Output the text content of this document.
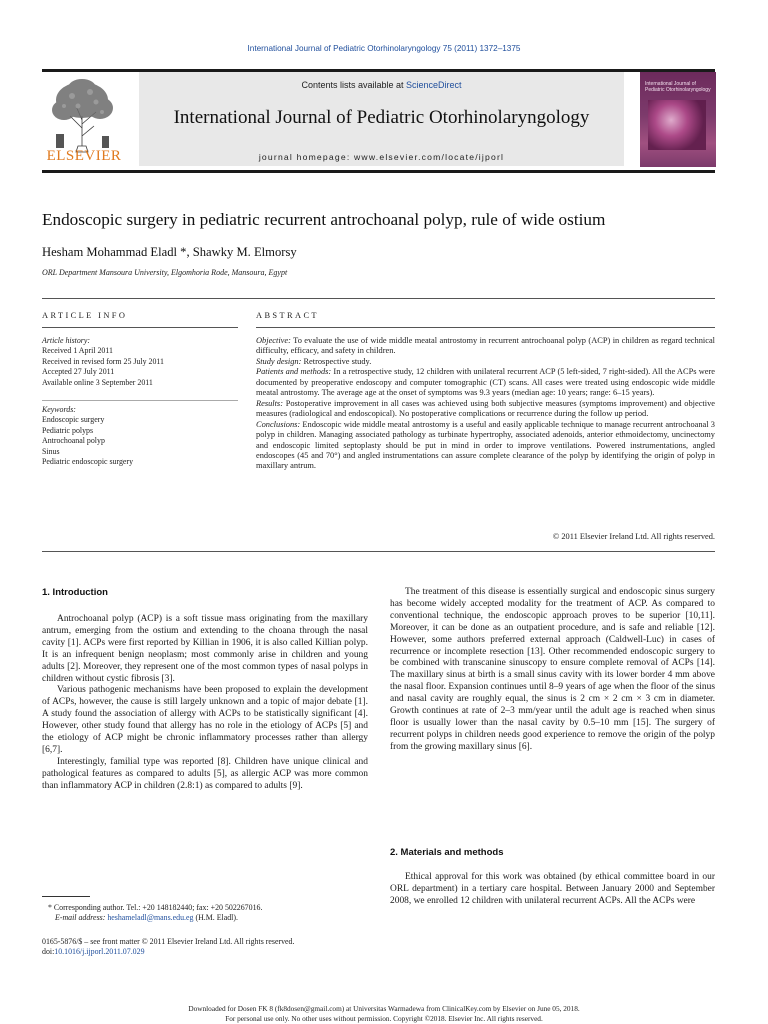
International Journal of Pediatric Otorhinolaryngology 75 (2011) 1372–1375
ELSEVIER
Contents lists available at ScienceDirect
International Journal of Pediatric Otorhinolaryngology
journal homepage: www.elsevier.com/locate/ijporl
International Journal of Pediatric Otorhinolaryngology
Endoscopic surgery in pediatric recurrent antrochoanal polyp, rule of wide ostium
Hesham Mohammad Eladl *, Shawky M. Elmorsy
ORL Department Mansoura University, Elgomhoria Rode, Mansoura, Egypt
ARTICLE INFO
Article history:
Received 1 April 2011
Received in revised form 25 July 2011
Accepted 27 July 2011
Available online 3 September 2011
Keywords:
Endoscopic surgery
Pediatric polyps
Antrochoanal polyp
Sinus
Pediatric endoscopic surgery
ABSTRACT
Objective: To evaluate the use of wide middle meatal antrostomy in recurrent antrochoanal polyp (ACP) in children as regard technical difficulty, efficacy, and safety in children.
Study design: Retrospective study.
Patients and methods: In a retrospective study, 12 children with unilateral recurrent ACP (5 left-sided, 7 right-sided). All the ACPs were documented by preoperative endoscopy and computer tomographic (CT) scans. All cases were treated using endoscopic wide middle meatal antrostomy. The average age at the onset of symptoms was 9.3 years (median age: 10 years; range: 6–15 years).
Results: Postoperative improvement in all cases was achieved using both subjective measures (symptoms improvement) and objective measures (radiological and endoscopical). No postoperative complications or recurrence during the follow up period.
Conclusions: Endoscopic wide middle meatal antrostomy is a useful and easily applicable technique to manage recurrent antrochoanal 3 polyp in children. Managing associated pathology as turbinate hypertrophy, associated adenoids, anterior ethmoidectomy, uncinectomy and endoscopic limited septoplasty should be put in mind in order to improve ventilations. Powered instrumentations, angled endoscopes (45 and 70°) and angled instrumentations can assure complete clearance of the polyp by identifying the origin of polyp in maxillary antrum.
© 2011 Elsevier Ireland Ltd. All rights reserved.
1. Introduction

Antrochoanal polyp (ACP) is a soft tissue mass originating from the maxillary antrum, emerging from the ostium and extending to the choana through the nasal cavity [1]. ACPs were first reported by Killian in 1906, it is also called Killian polyp. It is an infrequent benign neoplasm; most commonly arise in children and young adults [2]. Moreover, they represent one of the most common types of nasal polyps in children without cystic fibrosis [3].

Various pathogenic mechanisms have been proposed to explain the development of ACPs, however, the cause is still largely unknown and a topic of major debate [1]. A study found the association of allergy with ACPs to be statistically significant [4]. However, other study found that allergy has no role in the etiology of ACPs [5] and the etiology of ACP might be chronic inflammatory processes rather than allergy [6,7].

Interestingly, familial type was reported [8]. Children have unique clinical and pathological features as compared to adults [5], as allergic ACP was more common than inflammatory ACP in children (2.8:1) as compared to adults [9].

The treatment of this disease is essentially surgical and endoscopic sinus surgery has become widely accepted modality for the treatment of ACP. As compared to conventional technique, the endoscopic approach proves to be superior [10,11]. Moreover, it can be done as an outpatient procedure, and is safe and reliable [12]. However, some authors preferred external approach (Caldwell-Luc) in cases of recurrence or incomplete resection [13]. Other recommended endoscopic surgery to be combined with transcanine sinuscopy to ensure complete removal of ACPs [14]. The maxillary sinus at birth is a small sinus cavity with its lower border 4 mm above the nasal floor. Expansion continues until 8–9 years of age when the floor of the sinus and nasal cavity are roughly equal, the sinus is 2 cm × 2 cm × 3 cm in diameter. Growth continues at rate of 2–3 mm/year until the adult age is reached when sinus floor is usually lower than the nasal cavity by 0.5–10 mm [15]. The surgery of recurrent polyps in children needs good experience to remove the origin of the polyp from the growing maxillary sinus [6].

2. Materials and methods

Ethical approval for this work was obtained (by ethical committee board in our ORL department) in a tertiary care hospital. Between January 2000 and September 2008, we enrolled 12 children with unilateral recurrent ACPs. All the ACPs were

* Corresponding author. Tel.: +20 148182440; fax: +20 502267016.
E-mail address: heshameladl@mans.edu.eg (H.M. Eladl).
0165-5876/$ – see front matter © 2011 Elsevier Ireland Ltd. All rights reserved.
doi:10.1016/j.ijporl.2011.07.029
Downloaded for Dosen FK 8 (fk8dosen@gmail.com) at Universitas Warmadewa from ClinicalKey.com by Elsevier on June 05, 2018.
For personal use only. No other uses without permission. Copyright ©2018. Elsevier Inc. All rights reserved.
